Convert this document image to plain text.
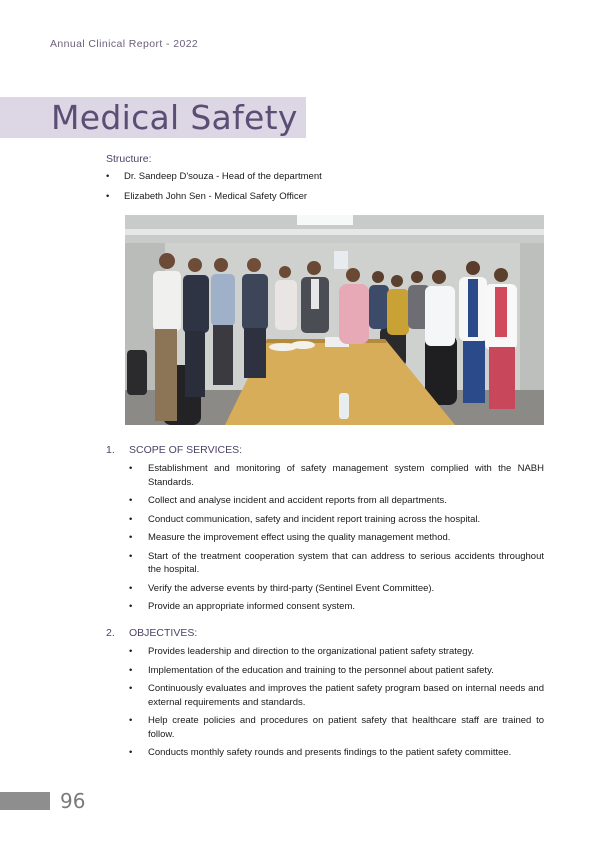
Annual Clinical Report - 2022
Medical Safety
Structure:
• Dr. Sandeep D'souza - Head of the department
• Elizabeth John Sen - Medical Safety Officer
1.	SCOPE OF SERVICES:
• Establishment and monitoring of safety management system complied with the NABH Standards.
• Collect and analyse incident and accident reports from all departments.
• Conduct communication, safety and incident report training across the hospital.
• Measure the improvement effect using the quality management method.
• Start of the treatment cooperation system that can address to serious accidents throughout the hospital.
• Verify the adverse events by third-party (Sentinel Event Committee).
• Provide an appropriate informed consent system.
2.	OBJECTIVES:
• Provides leadership and direction to the organizational patient safety strategy.
• Implementation of the education and training to the personnel about patient safety.
• Continuously evaluates and improves the patient safety program based on internal needs and external requirements and standards.
• Help create policies and procedures on patient safety that healthcare staff are trained to follow.
• Conducts monthly safety rounds and presents findings to the patient safety committee.
96
